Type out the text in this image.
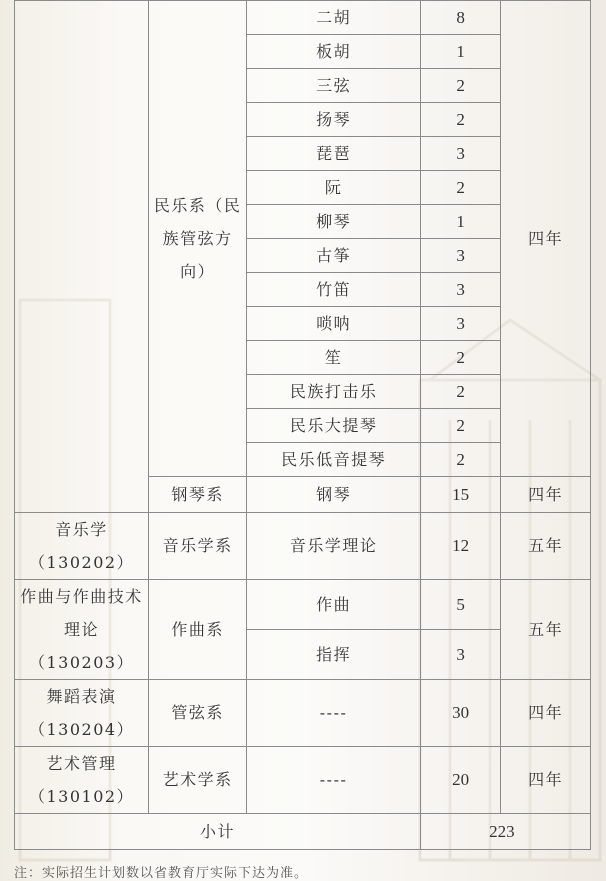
	民乐系（民族管弦方向）	二胡	8	四年
		板胡	1	
		三弦	2	
		扬琴	2	
		琵琶	3	
		阮	2	
		柳琴	1	
		古筝	3	
		竹笛	3	
		唢呐	3	
		笙	2	
		民族打击乐	2	
		民乐大提琴	2	
		民乐低音提琴	2	
	钢琴系	钢琴	15	四年
音乐学（130202）	音乐学系	音乐学理论	12	五年
作曲与作曲技术理论（130203）	作曲系	作曲	5	五年
		指挥	3	
舞蹈表演（130204）	管弦系	----	30	四年
艺术管理（130102）	艺术学系	----	20	四年
小计			223	
注：实际招生计划数以省教育厅实际下达为准。
